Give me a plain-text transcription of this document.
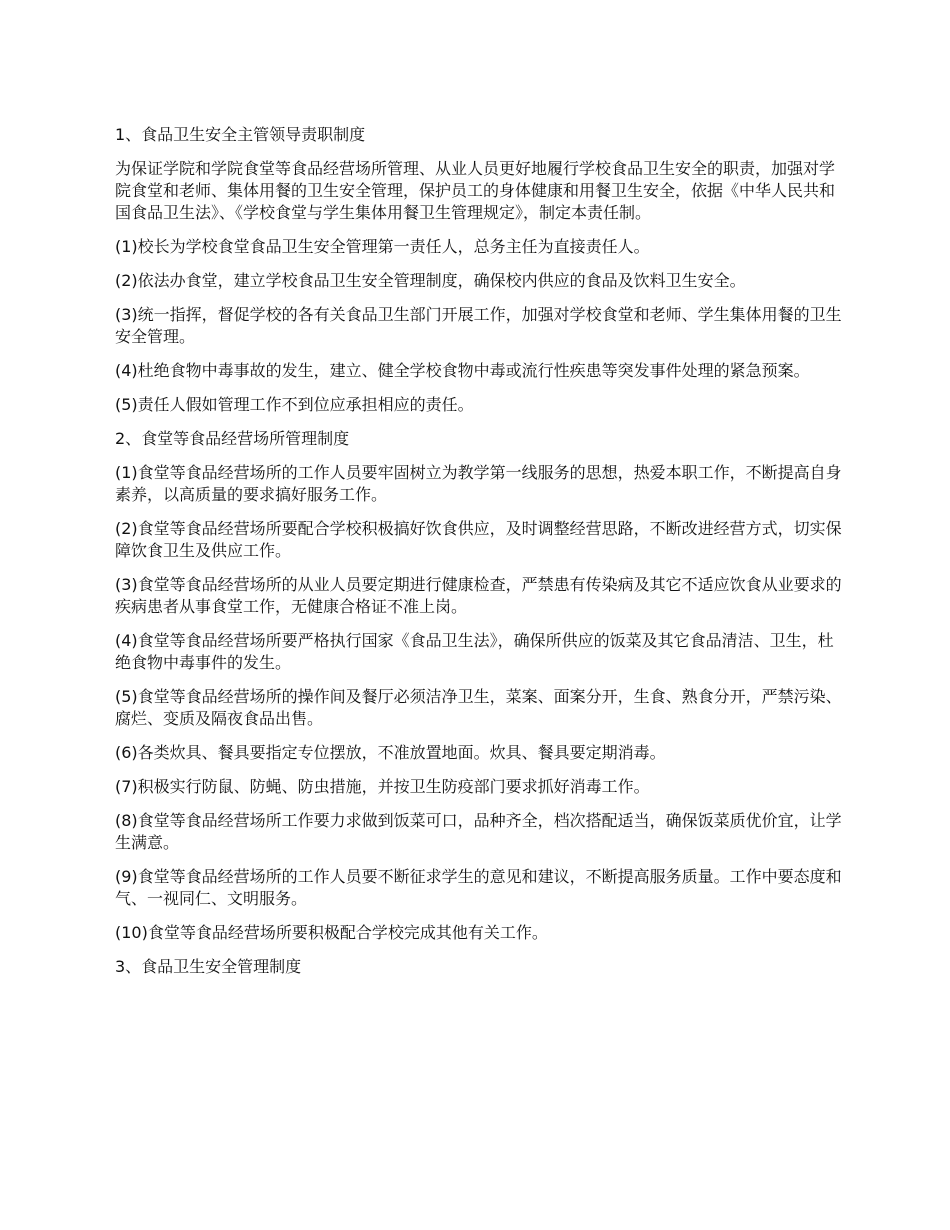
1、食品卫生安全主管领导责职制度

为保证学院和学院食堂等食品经营场所管理、从业人员更好地履行学校食品卫生安全的职责，加强对学院食堂和老师、集体用餐的卫生安全管理，保护员工的身体健康和用餐卫生安全，依据《中华人民共和国食品卫生法》、《学校食堂与学生集体用餐卫生管理规定》，制定本责任制。

(1)校长为学校食堂食品卫生安全管理第一责任人，总务主任为直接责任人。

(2)依法办食堂，建立学校食品卫生安全管理制度，确保校内供应的食品及饮料卫生安全。

(3)统一指挥，督促学校的各有关食品卫生部门开展工作，加强对学校食堂和老师、学生集体用餐的卫生安全管理。

(4)杜绝食物中毒事故的发生，建立、健全学校食物中毒或流行性疾患等突发事件处理的紧急预案。

(5)责任人假如管理工作不到位应承担相应的责任。

2、食堂等食品经营场所管理制度

(1)食堂等食品经营场所的工作人员要牢固树立为教学第一线服务的思想，热爱本职工作，不断提高自身素养，以高质量的要求搞好服务工作。

(2)食堂等食品经营场所要配合学校积极搞好饮食供应，及时调整经营思路，不断改进经营方式，切实保障饮食卫生及供应工作。

(3)食堂等食品经营场所的从业人员要定期进行健康检查，严禁患有传染病及其它不适应饮食从业要求的疾病患者从事食堂工作，无健康合格证不准上岗。

(4)食堂等食品经营场所要严格执行国家《食品卫生法》，确保所供应的饭菜及其它食品清洁、卫生，杜绝食物中毒事件的发生。

(5)食堂等食品经营场所的操作间及餐厅必须洁净卫生，菜案、面案分开，生食、熟食分开，严禁污染、腐烂、变质及隔夜食品出售。

(6)各类炊具、餐具要指定专位摆放，不准放置地面。炊具、餐具要定期消毒。

(7)积极实行防鼠、防蝇、防虫措施，并按卫生防疫部门要求抓好消毒工作。

(8)食堂等食品经营场所工作要力求做到饭菜可口，品种齐全，档次搭配适当，确保饭菜质优价宜，让学生满意。

(9)食堂等食品经营场所的工作人员要不断征求学生的意见和建议，不断提高服务质量。工作中要态度和气、一视同仁、文明服务。

(10)食堂等食品经营场所要积极配合学校完成其他有关工作。

3、食品卫生安全管理制度
